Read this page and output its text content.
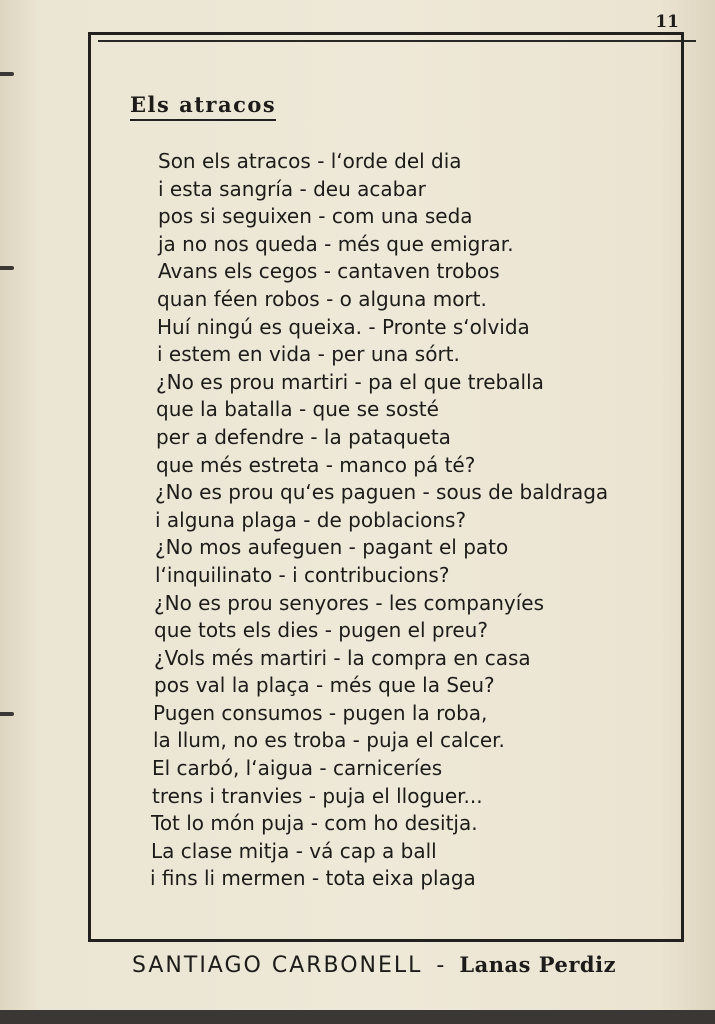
11
Els atracos
Son els atracos - l‘orde del dia
i esta sangría - deu acabar
pos si seguixen - com una seda
ja no nos queda - més que emigrar.
Avans els cegos - cantaven trobos
quan féen robos - o alguna mort.
Huí ningú es queixa. - Pronte s‘olvida
i estem en vida - per una sórt.
¿No es prou martiri - pa el que treballa
que la batalla - que se sosté
per a defendre - la pataqueta
que més estreta - manco pá té?
¿No es prou qu‘es paguen - sous de baldraga
i alguna plaga - de poblacions?
¿No mos aufeguen - pagant el pato
l‘inquilinato - i contribucions?
¿No es prou senyores - les companyíes
que tots els dies - pugen el preu?
¿Vols més martiri - la compra en casa
pos val la plaça - més que la Seu?
Pugen consumos - pugen la roba,
la llum, no es troba - puja el calcer.
El carbó, l‘aigua - carniceríes
trens i tranvies - puja el lloguer...
Tot lo món puja - com ho desitja.
La clase mitja - vá cap a ball
i fins li mermen - tota eixa plaga
SANTIAGO CARBONELL - Lanas Perdiz
